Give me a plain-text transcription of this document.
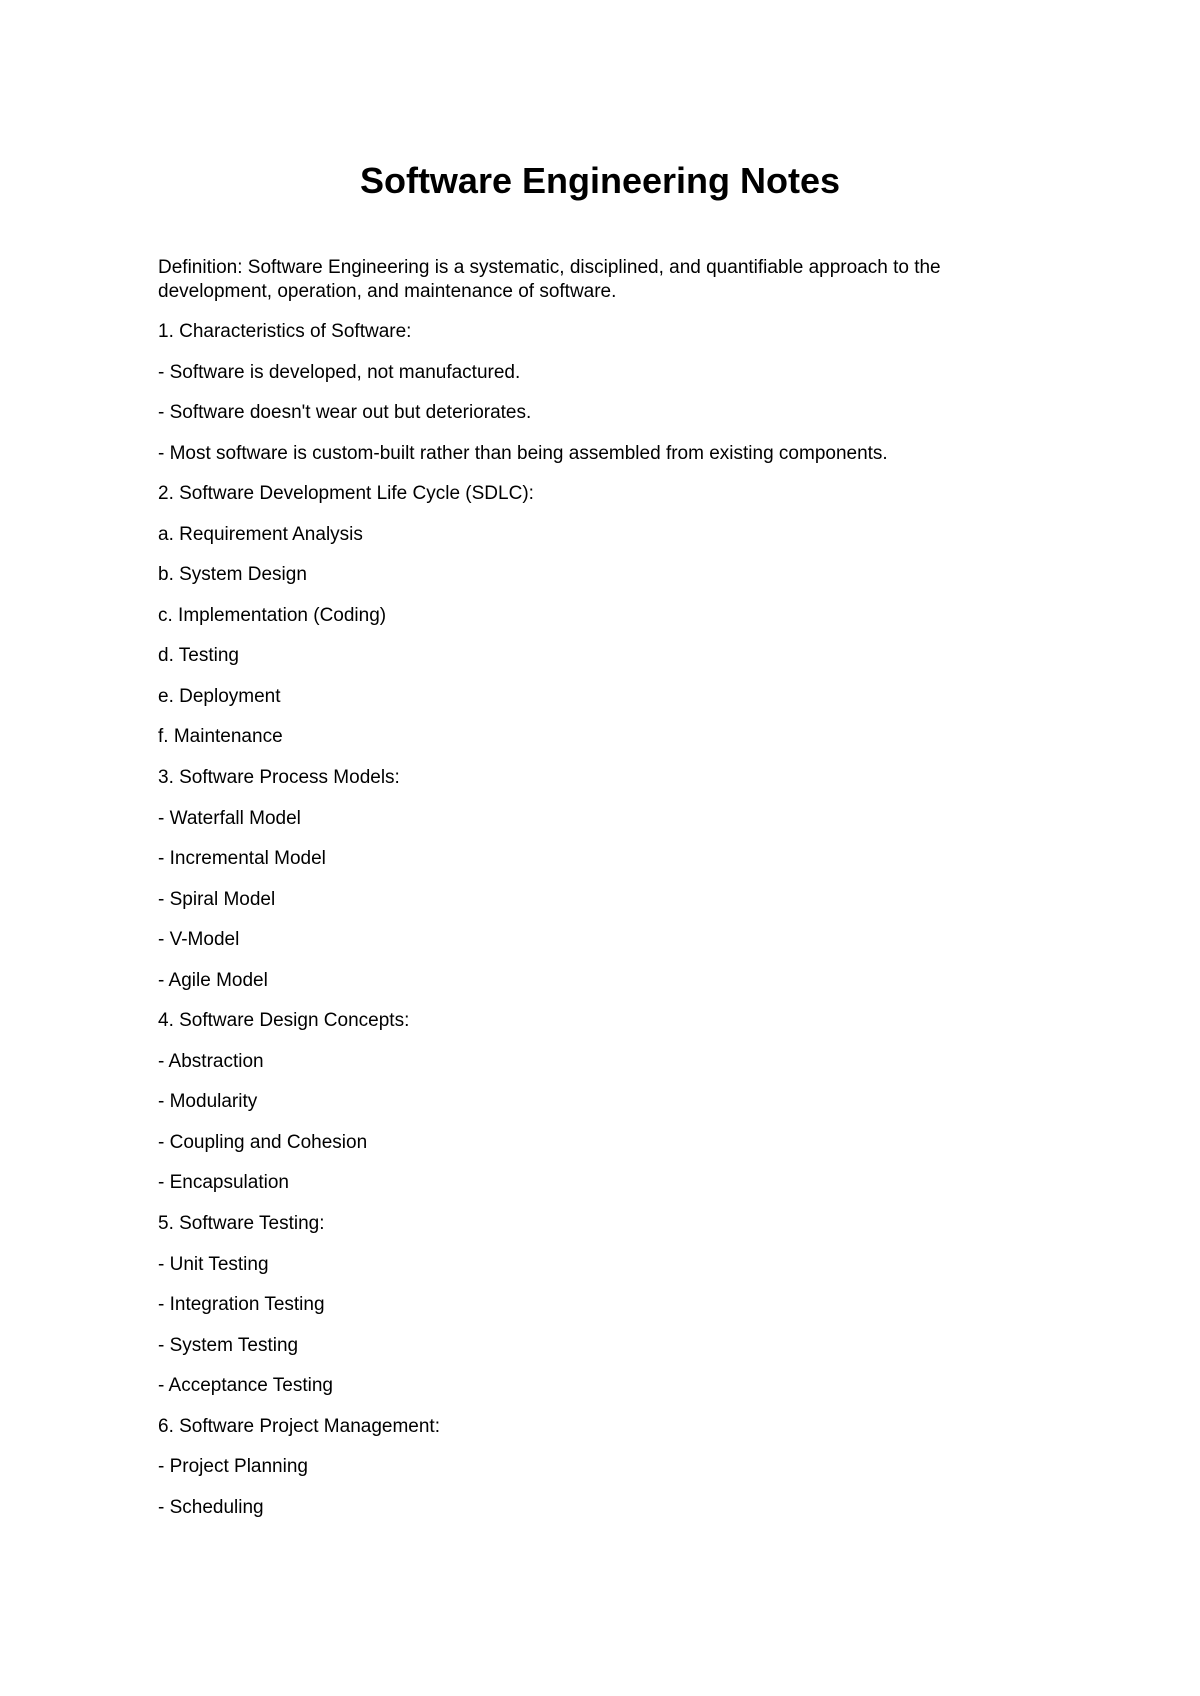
Software Engineering Notes

Definition: Software Engineering is a systematic, disciplined, and quantifiable approach to the development, operation, and maintenance of software.

1. Characteristics of Software:
- Software is developed, not manufactured.
- Software doesn't wear out but deteriorates.
- Most software is custom-built rather than being assembled from existing components.
2. Software Development Life Cycle (SDLC):
a. Requirement Analysis
b. System Design
c. Implementation (Coding)
d. Testing
e. Deployment
f. Maintenance
3. Software Process Models:
- Waterfall Model
- Incremental Model
- Spiral Model
- V-Model
- Agile Model
4. Software Design Concepts:
- Abstraction
- Modularity
- Coupling and Cohesion
- Encapsulation
5. Software Testing:
- Unit Testing
- Integration Testing
- System Testing
- Acceptance Testing
6. Software Project Management:
- Project Planning
- Scheduling
